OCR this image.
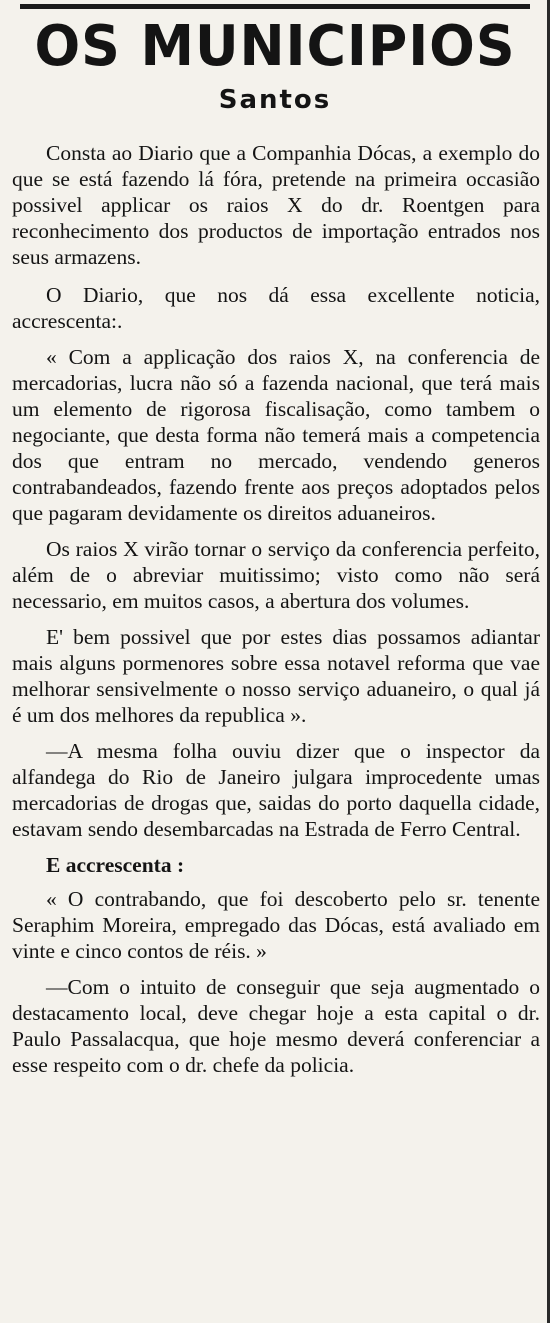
OS MUNICIPIOS
Santos

Consta ao Diario que a Companhia Dócas, a exemplo do que se está fazendo lá fóra, pretende na primeira occasião possivel applicar os raios X do dr. Roentgen para reconhecimento dos productos de importação entrados nos seus armazens.

O Diario, que nos dá essa excellente noticia, accrescenta:.

« Com a applicação dos raios X, na conferencia de mercadorias, lucra não só a fazenda nacional, que terá mais um elemento de rigorosa fiscalisação, como tambem o negociante, que desta forma não temerá mais a competencia dos que entram no mercado, vendendo generos contrabandeados, fazendo frente aos preços adoptados pelos que pagaram devidamente os direitos aduaneiros.

Os raios X virão tornar o serviço da conferencia perfeito, além de o abreviar muitissimo; visto como não será necessario, em muitos casos, a abertura dos volumes.

E' bem possivel que por estes dias possamos adiantar mais alguns pormenores sobre essa notavel reforma que vae melhorar sensivelmente o nosso serviço aduaneiro, o qual já é um dos melhores da republica ».

—A mesma folha ouviu dizer que o inspector da alfandega do Rio de Janeiro julgara improcedente umas mercadorias de drogas que, saidas do porto daquella cidade, estavam sendo desembarcadas na Estrada de Ferro Central.

E accrescenta :

« O contrabando, que foi descoberto pelo sr. tenente Seraphim Moreira, empregado das Dócas, está avaliado em vinte e cinco contos de réis. »

—Com o intuito de conseguir que seja augmentado o destacamento local, deve chegar hoje a esta capital o dr. Paulo Passalacqua, que hoje mesmo deverá conferenciar a esse respeito com o dr. chefe da policia.
